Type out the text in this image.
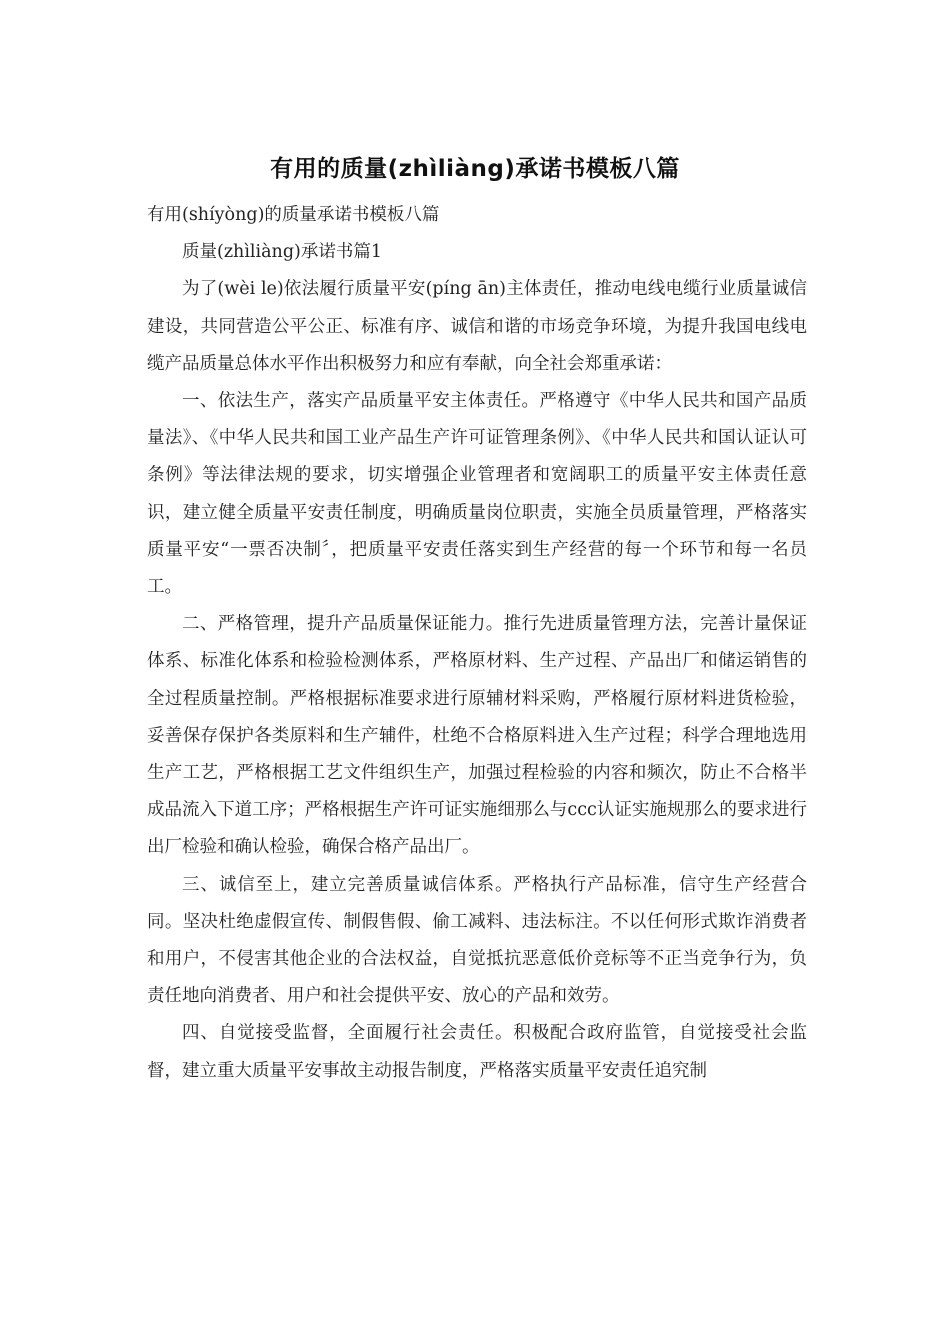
有用的质量(zhìliàng)承诺书模板八篇

有用(shíyòng)的质量承诺书模板八篇

质量(zhìliàng)承诺书篇1

为了(wèi le)依法履行质量平安(píng ān)主体责任，推动电线电缆行业质量诚信建设，共同营造公平公正、标准有序、诚信和谐的市场竞争环境，为提升我国电线电缆产品质量总体水平作出积极努力和应有奉献，向全社会郑重承诺：

一、依法生产，落实产品质量平安主体责任。严格遵守《中华人民共和国产品质量法》、《中华人民共和国工业产品生产许可证管理条例》、《中华人民共和国认证认可条例》等法律法规的要求，切实增强企业管理者和宽阔职工的质量平安主体责任意识，建立健全质量平安责任制度，明确质量岗位职责，实施全员质量管理，严格落实质量平安“一票否决制〞，把质量平安责任落实到生产经营的每一个环节和每一名员工。

二、严格管理，提升产品质量保证能力。推行先进质量管理方法，完善计量保证体系、标准化体系和检验检测体系，严格原材料、生产过程、产品出厂和储运销售的全过程质量控制。严格根据标准要求进行原辅材料采购，严格履行原材料进货检验，妥善保存保护各类原料和生产辅件，杜绝不合格原料进入生产过程；科学合理地选用生产工艺，严格根据工艺文件组织生产，加强过程检验的内容和频次，防止不合格半成品流入下道工序；严格根据生产许可证实施细那么与ccc认证实施规那么的要求进行出厂检验和确认检验，确保合格产品出厂。

三、诚信至上，建立完善质量诚信体系。严格执行产品标准，信守生产经营合同。坚决杜绝虚假宣传、制假售假、偷工减料、违法标注。不以任何形式欺诈消费者和用户，不侵害其他企业的合法权益，自觉抵抗恶意低价竞标等不正当竞争行为，负责任地向消费者、用户和社会提供平安、放心的产品和效劳。

四、自觉接受监督，全面履行社会责任。积极配合政府监管，自觉接受社会监督，建立重大质量平安事故主动报告制度，严格落实质量平安责任追究制
